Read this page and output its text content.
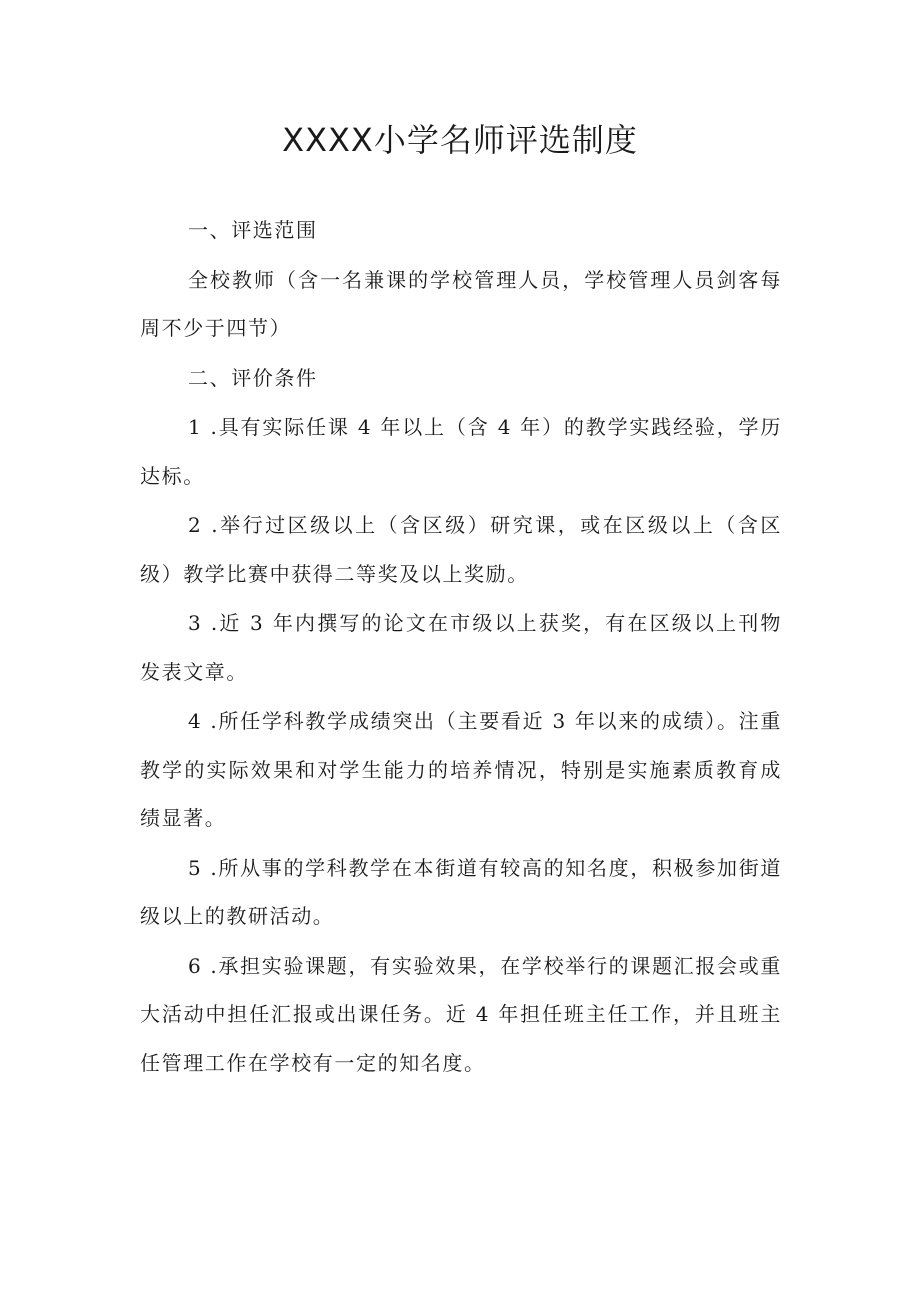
XXXX小学名师评选制度

一、评选范围

全校教师（含一名兼课的学校管理人员，学校管理人员剑客每周不少于四节）

二、评价条件

1 .具有实际任课 4 年以上（含 4 年）的教学实践经验，学历达标。

2 .举行过区级以上（含区级）研究课，或在区级以上（含区级）教学比赛中获得二等奖及以上奖励。

3 .近 3 年内撰写的论文在市级以上获奖，有在区级以上刊物发表文章。

4 .所任学科教学成绩突出（主要看近 3 年以来的成绩）。注重教学的实际效果和对学生能力的培养情况，特别是实施素质教育成绩显著。

5 .所从事的学科教学在本街道有较高的知名度，积极参加街道级以上的教研活动。

6 .承担实验课题，有实验效果，在学校举行的课题汇报会或重大活动中担任汇报或出课任务。近 4 年担任班主任工作，并且班主任管理工作在学校有一定的知名度。
